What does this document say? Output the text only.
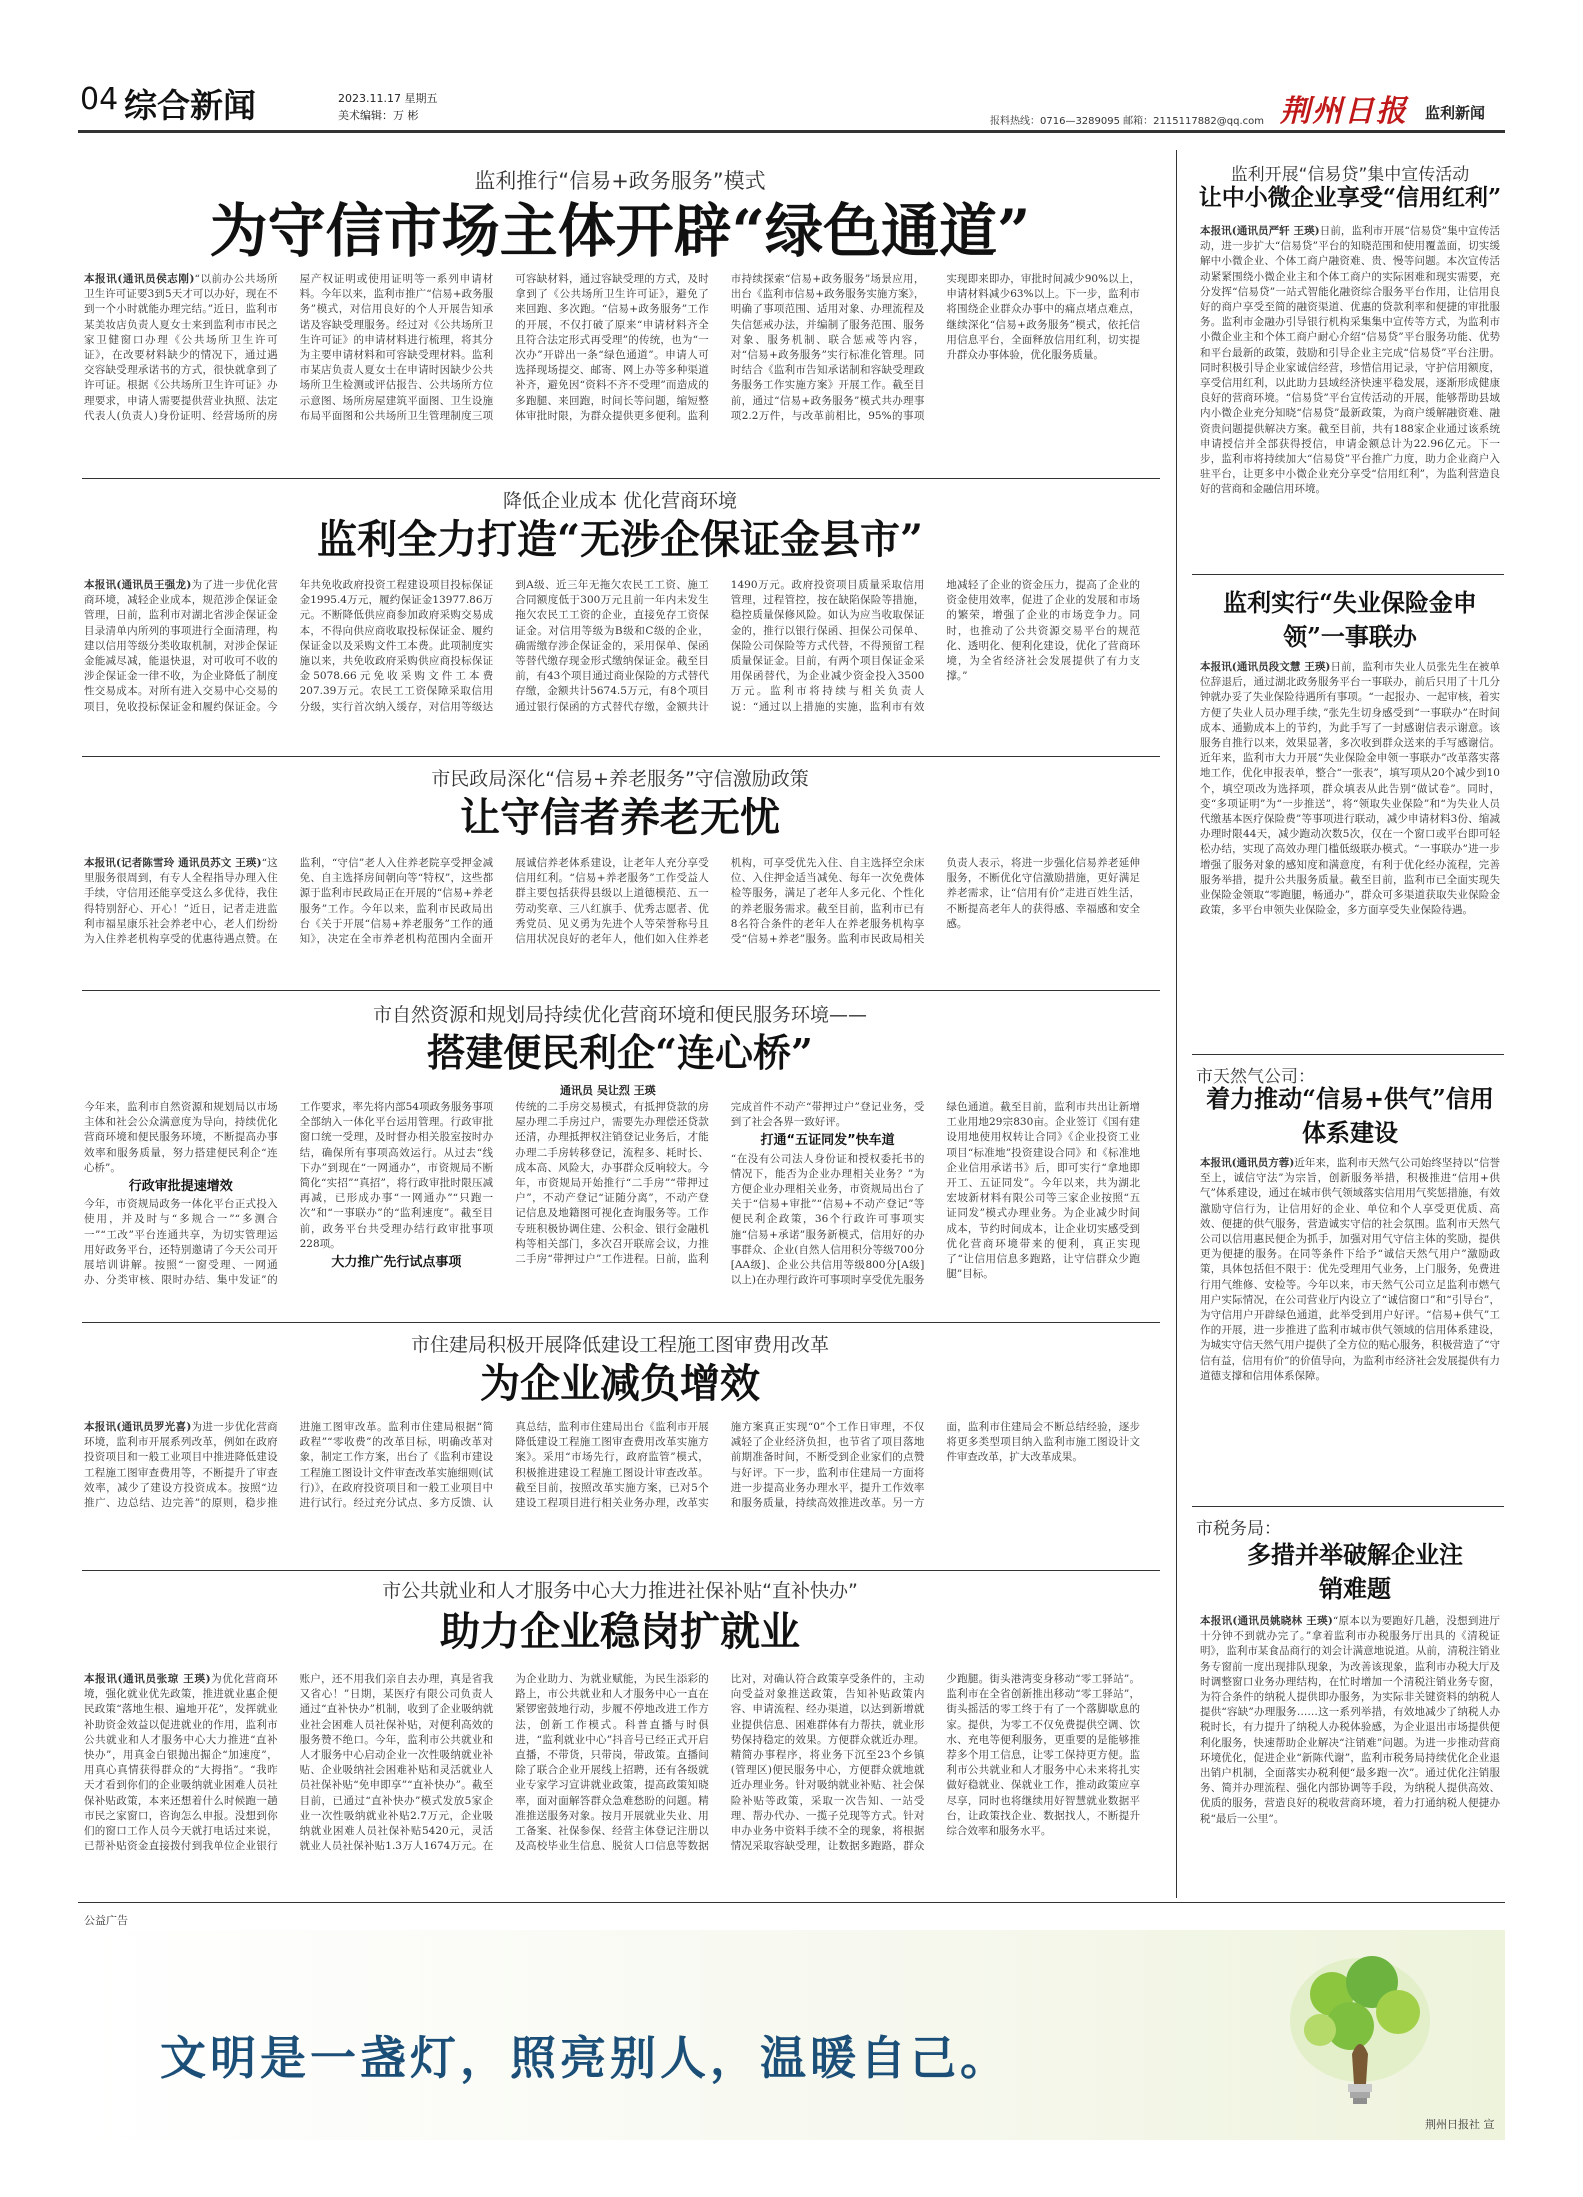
04 综合新闻	2023.11.17 星期五
美术编辑：万 彬	报料热线：0716—3289095 邮箱：2115117882@qq.com 荆州日报 监利新闻
监利推行“信易+政务服务”模式
为守信市场主体开辟“绿色通道”
本报讯(通讯员侯志刚)“以前办公共场所卫生许可证要3到5天才可以办好，现在不到一个小时就能办理完结。”近日，监利市某美妆店负责人夏女士来到监利市市民之家卫健窗口办理《公共场所卫生许可证》，在改要材料缺少的情况下，通过遇交容缺受理承诺书的方式，很快就拿到了许可证。根据《公共场所卫生许可证》办理要求，申请人需要提供营业执照、法定代表人(负责人)身份证明、经营场所的房屋产权证明或使用证明等一系列申请材料。今年以来，监利市推广“信易+政务服务”模式，对信用良好的个人开展告知承诺及容缺受理服务。经过对《公共场所卫生许可证》的申请材料进行梳理，将其分为主要申请材料和可容缺受理材料。监利市某店负责人夏女士在申请时因缺少公共场所卫生检测或评估报告、公共场所方位示意图、场所房屋建筑平面图、卫生设施布局平面图和公共场所卫生管理制度三项可容缺材料，通过容缺受理的方式，及时拿到了《公共场所卫生许可证》，避免了来回跑、多次跑。“信易+政务服务”工作的开展，不仅打破了原来“申请材料齐全且符合法定形式再受理”的传统，也为“一次办”开辟出一条“绿色通道”。申请人可选择现场提交、邮寄、网上办等多种渠道补齐，避免因“资料不齐不受理”而造成的多跑腿、来回跑，时间长等问题，缩短整体审批时限，为群众提供更多便利。监利市持续探索“信易+政务服务”场景应用，出台《监利市信易+政务服务实施方案》，明确了事项范围、适用对象、办理流程及失信惩戒办法，并编制了服务范围、服务对象、服务机制、联合惩戒等内容，对“信易+政务服务”实行标准化管理。同时结合《监利市告知承诺制和容缺受理政务服务工作实施方案》开展工作。截至目前，通过“信易+政务服务”模式共办理事项2.2万件，与改革前相比，95%的事项实现即来即办，审批时间减少90%以上，申请材料减少63%以上。下一步，监利市将围绕企业群众办事中的痛点堵点难点，继续深化“信易+政务服务”模式，依托信用信息平台，全面释放信用红利，切实提升群众办事体验，优化服务质量。
降低企业成本 优化营商环境
监利全力打造“无涉企保证金县市”
本报讯(通讯员王强龙)为了进一步优化营商环境，减轻企业成本，规范涉企保证金管理，日前，监利市对湖北省涉企保证金目录清单内所列的事项进行全面清理，构建以信用等级分类收取机制，对涉企保证金能减尽减，能退快退，对可收可不收的涉企保证金一律不收，为企业降低了制度性交易成本。对所有进入交易中心交易的项目，免收投标保证金和履约保证金。今年共免收政府投资工程建设项目投标保证金1995.4万元，履约保证金13977.86万元。不断降低供应商参加政府采购交易成本，不得向供应商收取投标保证金、履约保证金以及采购文件工本费。此项制度实施以来，共免收政府采购供应商投标保证金5078.66元免收采购文件工本费207.39万元。农民工工资保障采取信用分级，实行首次纳入缓存，对信用等级达到A级、近三年无拖欠农民工工资、施工合同额度低于300万元且前一年内未发生拖欠农民工工资的企业，直接免存工资保证金。对信用等级为B级和C级的企业，确需缴存涉企保证金的，采用保单、保函等替代缴存现金形式缴纳保证金。截至目前，有43个项目通过商业保险的方式替代存缴，金额共计5674.5万元，有8个项目通过银行保函的方式替代存缴，金额共计1490万元。政府投资项目质量采取信用管理，过程管控，按在缺陷保险等措施，稳控质量保修风险。如认为应当收取保证金的，推行以银行保函、担保公司保单、保险公司保险等方式代替，不得预留工程质量保证金。目前，有两个项目保证金采用保函替代，为企业减少资金投入3500万元。监利市将持续与相关负责人说：“通过以上措施的实施，监利市有效地减轻了企业的资金压力，提高了企业的资金使用效率，促进了企业的发展和市场的繁荣，增强了企业的市场竞争力。同时，也推动了公共资源交易平台的规范化、透明化、便利化建设，优化了营商环境，为全省经济社会发展提供了有力支撑。”
市民政局深化“信易+养老服务”守信激励政策
让守信者养老无忧
本报讯(记者陈雪玲 通讯员苏文 王瑛)“这里服务很周到，有专人全程指导办理入住手续，守信用还能享受这么多优待，我住得特别舒心、开心！”近日，记者走进监利市福星康乐社会养老中心，老人们纷纷为入住养老机构享受的优惠待遇点赞。在监利，“守信”老人入住养老院享受押金减免、自主选择房间朝向等“特权”，这些都源于监利市民政局正在开展的“信易+养老服务”工作。今年以来，监利市民政局出台《关于开展“信易+养老服务”工作的通知》，决定在全市养老机构范围内全面开展诚信养老体系建设，让老年人充分享受信用红利。“信易+养老服务”工作受益人群主要包括获得县级以上道德模范、五一劳动奖章、三八红旗手、优秀志愿者、优秀党员、见义勇为先进个人等荣誉称号且信用状况良好的老年人，他们如入住养老机构，可享受优先入住、自主选择空余床位、入住押金适当减免、每年一次免费体检等服务，满足了老年人多元化、个性化的养老服务需求。截至目前，监利市已有8名符合条件的老年人在养老服务机构享受“信易+养老”服务。监利市民政局相关负责人表示，将进一步强化信易养老延伸服务，不断优化守信激励措施，更好满足养老需求，让“信用有价”走进百姓生活，不断提高老年人的获得感、幸福感和安全感。
市自然资源和规划局持续优化营商环境和便民服务环境——
搭建便民利企“连心桥”
通讯员 吴让烈 王瑛
今年来，监利市自然资源和规划局以市场主体和社会公众满意度为导向，持续优化营商环境和便民服务环境，不断提高办事效率和服务质量，努力搭建便民利企“连心桥”。
行政审批提速增效
今年，市资规局政务一体化平台正式投入使用，并及时与“多规合一”“多测合一”“工改”平台连通共享，为切实管理运用好政务平台，还特别邀请了今天公司开展培训讲解。按照“一窗受理、一网通办、分类审核、限时办结、集中发证”的工作要求，率先将内部54项政务服务事项全部纳入一体化平台运用管理。行政审批窗口统一受理，及时督办相关股室按时办结，确保所有事项高效运行。从过去“线下办”到现在“一网通办”，市资规局不断简化“实招”“真招”，将行政审批时限压减再减，已形成办事“一网通办”“只跑一次”和“一事联办”的“监利速度”。截至目前，政务平台共受理办结行政审批事项228项。
大力推广先行试点事项
传统的二手房交易模式，有抵押贷款的房屋办理二手房过户，需要先办理偿还贷款还清，办理抵押权注销登记业务后，才能办理二手房转移登记，流程多、耗时长、成本高、风险大，办事群众反响较大。今年，市资规局开始推行“二手房”“带押过户”，不动产登记“证随分离”，不动产登记信息及地籍图可视化查询服务等。工作专班积极协调住建、公积金、银行金融机构等相关部门，多次召开联席会议，力推二手房“带押过户”工作进程。日前，监利完成首件不动产“带押过户”登记业务，受到了社会各界一致好评。
打通“五证同发”快车道
“在没有公司法人身份证和授权委托书的情况下，能否为企业办理相关业务？”为方便企业办理相关业务，市资规局出台了关于“信易+审批”“信易+不动产登记”等便民利企政策，36个行政许可事项实施“信易+承诺”服务新模式，信用好的办事群众、企业(自然人信用积分等级700分[AA级]、企业公共信用等级800分[A级]以上)在办理行政许可事项时享受优先服务绿色通道。截至目前，监利市共出让新增工业用地29宗830亩。企业签订《国有建设用地使用权转让合同》《企业投资工业项目“标准地”投资建设合同》和《标准地企业信用承诺书》后，即可实行“拿地即开工、五证同发”。今年以来，共为湖北宏坡新材料有限公司等三家企业按照“五证同发”模式办理业务。为企业减少时间成本，节约时间成本，让企业切实感受到优化营商环境带来的便利，真正实现了“让信用信息多跑路，让守信群众少跑腿”目标。
市住建局积极开展降低建设工程施工图审费用改革
为企业减负增效
本报讯(通讯员罗光喜)为进一步优化营商环境，监利市开展系列改革，例如在政府投资项目和一般工业项目中推进降低建设工程施工图审查费用等，不断提升了审查效率，减少了建设方投资成本。按照“边推广、边总结、边完善”的原则，稳步推进施工图审改革。监利市住建局根据“简政程”“零收费”的改革目标，明确改革对象，制定工作方案，出台了《监利市建设工程施工图设计文件审查改革实施细则(试行)》，在政府投资项目和一般工业项目中进行试行。经过充分试点、多方反馈、认真总结，监利市住建局出台《监利市开展降低建设工程施工图审查费用改革实施方案》。采用“市场先行，政府监管”模式，积极推进建设工程施工图设计审查改革。截至目前，按照改革实施方案，已对5个建设工程项目进行相关业务办理，改革实施方案真正实现“0”个工作日审理，不仅减轻了企业经济负担，也节省了项目落地前期准备时间，不断受到企业家们的点赞与好评。下一步，监利市住建局一方面将进一步提高业务办理水平，提升工作效率和服务质量，持续高效推进改革。另一方面，监利市住建局会不断总结经验，逐步将更多类型项目纳入监利市施工图设计文件审查改革，扩大改革成果。
市公共就业和人才服务中心大力推进社保补贴“直补快办”
助力企业稳岗扩就业
本报讯(通讯员张琼 王瑛)为优化营商环境，强化就业优先政策，推进就业惠企便民政策“落地生根、遍地开花”，发挥就业补助资金效益以促进就业的作用，监利市公共就业和人才服务中心大力推进“直补快办”，用真金白银抛出掘企“加速度”，用真心真情获得群众的“大拇指”。“我昨天才看到你们的企业吸纳就业困难人员社保补贴政策，本来还想着什么时候跑一趟市民之家窗口，咨询怎么申报。没想到你们的窗口工作人员今天就打电话过来说，已帮补贴资金直接拨付到我单位企业银行账户，还不用我们亲自去办理，真是省我又省心！”日期，某医疗有限公司负责人通过“直补快办”机制，收到了企业吸纳就业社会困难人员社保补贴，对便利高效的服务赞不绝口。今年，监利市公共就业和人才服务中心启动企业一次性吸纳就业补贴、企业吸纳社会困难补贴和灵活就业人员社保补贴“免申即享”“直补快办”。截至目前，已通过“直补快办”模式发放5家企业一次性吸纳就业补贴2.7万元，企业吸纳就业困难人员社保补贴5420元，灵活就业人员社保补贴1.3万人1674万元。在为企业助力、为就业赋能，为民生添彩的路上，市公共就业和人才服务中心一直在紧锣密鼓地行动，步履不停地改进工作方法，创新工作模式。科普直播与时俱进，“监利就业中心”抖音号已经正式开启直播，不带货，只带岗，带政策。直播间除了联合企业开展线上招聘，还有各级就业专家学习宣讲就业政策，提高政策知晓率，面对面解答群众急难愁盼的问题。精准推送服务对象。按月开展就业失业、用工备案、社保参保、经营主体登记注册以及高校毕业生信息、脱贫人口信息等数据比对，对确认符合政策享受条件的，主动向受益对象推送政策，告知补贴政策内容、申请流程、经办渠道，以达到新增就业提供信息、困难群体有力帮扶，就业形势保持稳定的效果。方便群众就近办理。精简办事程序，将业务下沉至23个乡镇(管理区)便民服务中心，方便群众就地就近办理业务。针对吸纳就业补贴、社会保险补贴等政策，采取一次告知、一站受理、帮办代办、一揽子兑现等方式。针对申办业务中资料手续不全的现象，将根据情况采取容缺受理，让数据多跑路，群众少跑腿。街头港湾变身移动“零工驿站”。监利市在全省创新推出移动“零工驿站”，街头摇活的零工终于有了一个落脚歇息的家。提供，为零工不仅免费提供空调、饮水、充电等便利服务，更重要的是能够推荐多个用工信息，让零工保持更方便。监利市公共就业和人才服务中心未来将扎实做好稳就业、保就业工作，推动政策应享尽享，同时也将继续用好智慧就业数据平台，让政策找企业、数据找人，不断提升综合效率和服务水平。
监利开展“信易贷”集中宣传活动
让中小微企业享受“信用红利”
本报讯(通讯员严轩 王瑛)日前，监利市开展“信易贷”集中宣传活动，进一步扩大“信易贷”平台的知晓范围和使用覆盖面，切实缓解中小微企业、个体工商户融资难、贵、慢等问题。本次宣传活动紧紧围绕小微企业主和个体工商户的实际困难和现实需要，充分发挥“信易贷”一站式智能化融资综合服务平台作用，让信用良好的商户享受至简的融资渠道、优惠的贷款利率和便捷的审批服务。监利市金融办引导银行机构采集集中宣传等方式，为监利市小微企业主和个体工商户耐心介绍“信易贷”平台服务功能、优势和平台最新的政策，鼓励和引导企业主完成“信易贷”平台注册。同时积极引导企业家诚信经营，珍惜信用记录，守护信用额度，享受信用红利，以此助力县域经济快速平稳发展，逐渐形成健康良好的营商环境。“信易贷”平台宣传活动的开展，能够帮助县域内小微企业充分知晓“信易贷”最新政策，为商户缓解融资难、融资贵问题提供解决方案。截至目前，共有188家企业通过该系统申请授信并全部获得授信，申请金额总计为22.96亿元。下一步，监利市将持续加大“信易贷”平台推广力度，助力企业商户入驻平台，让更多中小微企业充分享受“信用红利”，为监利营造良好的营商和金融信用环境。
监利实行“失业保险金申领”一事联办
本报讯(通讯员段文慧 王瑛)日前，监利市失业人员张先生在被单位辞退后，通过湖北政务服务平台一事联办，前后只用了十几分钟就办妥了失业保险待遇所有事项。“一起报办、一起审核，着实方便了失业人员办理手续，”张先生切身感受到“一事联办”在时间成本、通勤成本上的节约，为此手写了一封感谢信表示谢意。该服务自推行以来，效果显著，多次收到群众送来的手写感谢信。近年来，监利市大力开展“失业保险金申领一事联办”改革落实落地工作，优化申报表单，整合“一张表”，填写项从20个减少到10个，填空项改为选择项，群众填表从此告别“做试卷”。同时，变“多项证明”为“一步推送”，将“领取失业保险”和“为失业人员代缴基本医疗保险费”等事项进行联动，减少申请材料3份、缩减办理时限44天，减少跑动次数5次，仅在一个窗口或平台即可轻松办结，实现了高效办理门槛低级联办模式。“一事联办”进一步增强了服务对象的感知度和满意度，有利于优化经办流程，完善服务举措，提升公共服务质量。截至目前，监利市已全面实现失业保险金领取“零跑腿，畅通办”，群众可多渠道获取失业保险金政策，多平台申领失业保险金，多方面享受失业保险待遇。
市天然气公司：
着力推动“信易+供气”信用体系建设
本报讯(通讯员方蓉)近年来，监利市天然气公司始终坚持以“信誉至上，诚信守法”为宗旨，创新服务举措，积极推进“信用+供气”体系建设，通过在城市供气领域落实信用用气奖惩措施，有效激励守信行为，让信用好的企业、单位和个人享受更优质、高效、便捷的供气服务，营造诚实守信的社会氛围。监利市天然气公司以信用惠民便企为抓手，加强对用气守信主体的奖励，提供更为便捷的服务。在同等条件下给予“诚信天然气用户”激励政策，具体包括但不限于：优先受理用气业务，上门服务，免费进行用气维修、安检等。今年以来，市天然气公司立足监利市燃气用户实际情况，在公司营业厅内设立了“诚信窗口”和“引导台”，为守信用户开辟绿色通道，此举受到用户好评。“信易+供气”工作的开展，进一步推进了监利市城市供气领域的信用体系建设，为城实守信天然气用户提供了全方位的贴心服务，积极营造了“守信有益，信用有价”的价值导向，为监利市经济社会发展提供有力道德支撑和信用体系保障。
市税务局：
多措并举破解企业注销难题
本报讯(通讯员姚晓林 王瑛)“原本以为要跑好几趟，没想到进厅十分钟不到就办完了。”拿着监利市办税服务厅出具的《清税证明》，监利市某食品商行的刘会计满意地说道。从前，清税注销业务专窗前一度出现排队现象，为改善该现象，监利市办税大厅及时调整窗口业务办理结构，在忙时增加一个清税注销业务专窗，为符合条件的纳税人提供即办服务，为实际非关键资料的纳税人提供“容缺”办理服务……这一系列举措，有效地减少了纳税人办税时长，有力提升了纳税人办税体验感，为企业退出市场提供便利化服务，快速帮助企业解决“注销难”问题。为进一步推动营商环境优化，促进企业“新陈代谢”，监利市税务局持续优化企业退出销户机制，全面落实办税利便“最多跑一次”。通过优化注销服务、简并办理流程、强化内部协调等手段，为纳税人提供高效、优质的服务，营造良好的税收营商环境，着力打通纳税人便捷办税“最后一公里”。
公益广告
文明是一盏灯，照亮别人，温暖自己。
荆州日报社 宣
